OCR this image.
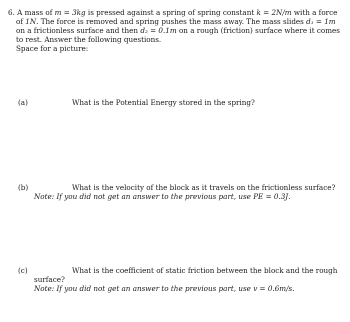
6. A mass of m = 3kg is pressed against a spring of spring constant k = 2N/m with a force
of 1N. The force is removed and spring pushes the mass away. The mass slides d₁ = 1m
on a frictionless surface and then d₂ = 0.1m on a rough (friction) surface where it comes
to rest. Answer the following questions.
Space for a picture:
(a)	What is the Potential Energy stored in the spring?
(b)	What is the velocity of the block as it travels on the frictionless surface?
Note: If you did not get an answer to the previous part, use PE = 0.3J.
(c)	What is the coefficient of static friction between the block and the rough
surface?
Note: If you did not get an answer to the previous part, use v = 0.6m/s.
